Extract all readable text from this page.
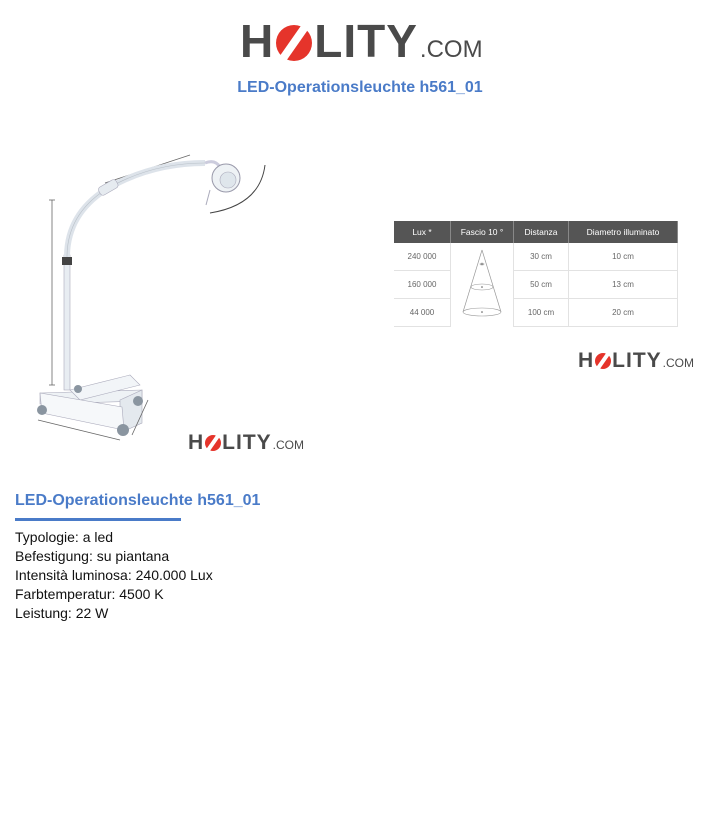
H LITY .COM
LED-Operationsleuchte h561_01
H LITY .COM
Lux *	Fascio 10 °	Distanza	Diametro illuminato
240 000		30 cm	10 cm
160 000		50 cm	13 cm
44 000		100 cm	20 cm
H LITY .COM
LED-Operationsleuchte h561_01
Typologie: a led
Befestigung: su piantana
Intensità luminosa: 240.000 Lux
Farbtemperatur: 4500 K
Leistung: 22 W
